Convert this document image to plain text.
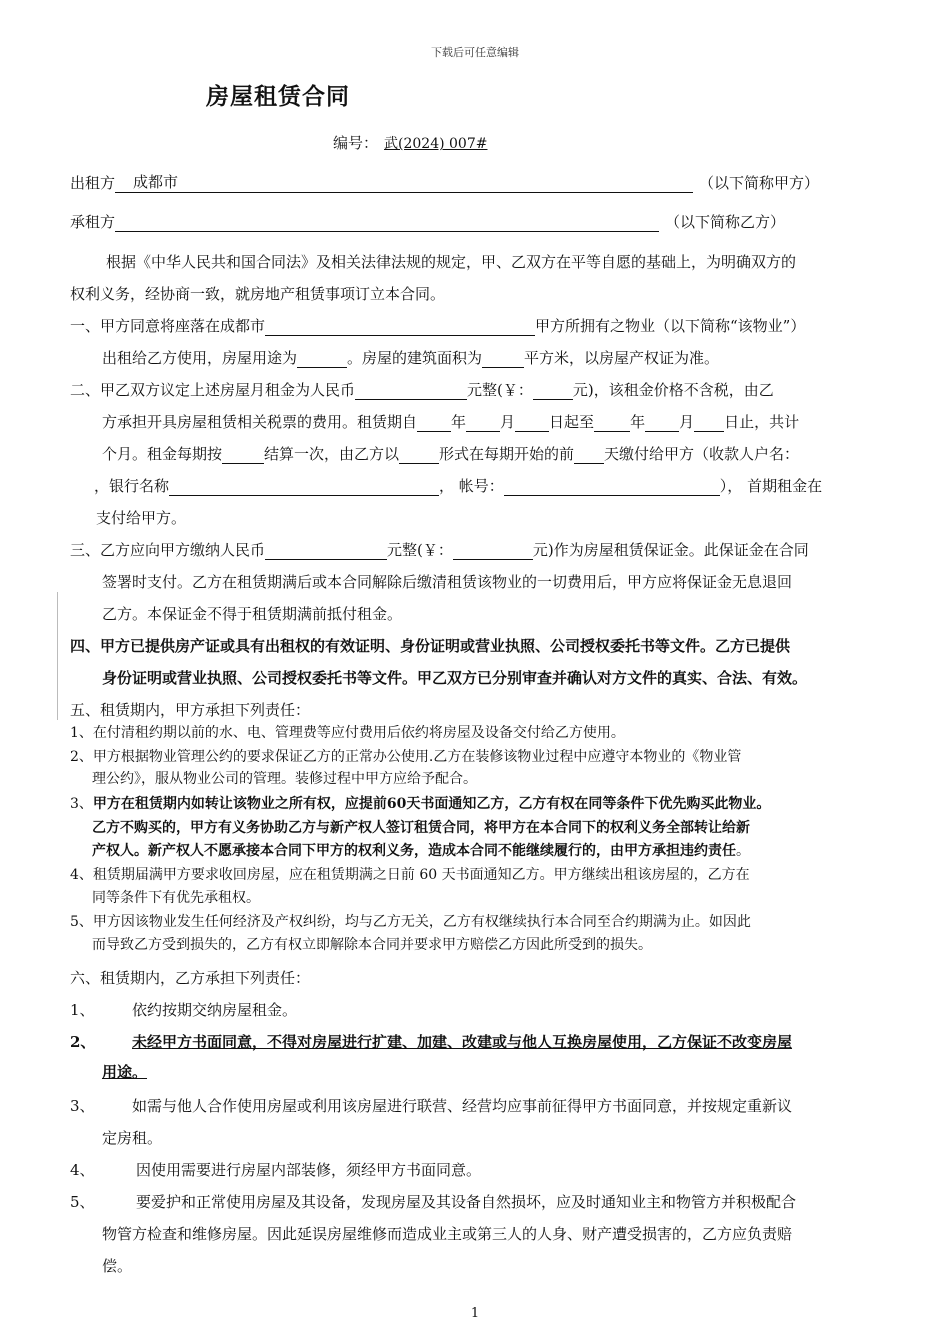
下载后可任意编辑
房屋租赁合同
编号： 武(2024) 007#
出租方 成都市	（以下简称甲方）
承租方	（以下简称乙方）
根据《中华人民共和国合同法》及相关法律法规的规定，甲、乙双方在平等自愿的基础上，为明确双方的
权利义务，经协商一致，就房地产租赁事项订立本合同。
一、甲方同意将座落在成都市	甲方所拥有之物业（以下简称“该物业”）
出租给乙方使用，房屋用途为	。房屋的建筑面积为	平方米，以房屋产权证为准。
二、甲乙双方议定上述房屋月租金为人民币	元整(￥：	元)，该租金价格不含税，由乙
方承担开具房屋租赁相关税票的费用。租赁期自 年 月 日起至 年 月 日止，共计
个月。租金每期按	结算一次，由乙方以	形式在每期开始的前 天缴付给甲方（收款人户名：
，银行名称	， 帐号：	）， 首期租金在
支付给甲方。
三、乙方应向甲方缴纳人民币	元整(￥：	元)作为房屋租赁保证金。此保证金在合同
签署时支付。乙方在租赁期满后或本合同解除后缴清租赁该物业的一切费用后，甲方应将保证金无息退回
乙方。本保证金不得于租赁期满前抵付租金。
四、甲方已提供房产证或具有出租权的有效证明、身份证明或营业执照、公司授权委托书等文件。乙方已提供
身份证明或营业执照、公司授权委托书等文件。甲乙双方已分别审查并确认对方文件的真实、合法、有效。
五、租赁期内，甲方承担下列责任：
1、在付清租约期以前的水、电、管理费等应付费用后依约将房屋及设备交付给乙方使用。
2、甲方根据物业管理公约的要求保证乙方的正常办公使用.乙方在装修该物业过程中应遵守本物业的《物业管
理公约》，服从物业公司的管理。装修过程中甲方应给予配合。
3、甲方在租赁期内如转让该物业之所有权，应提前60天书面通知乙方，乙方有权在同等条件下优先购买此物业。
乙方不购买的，甲方有义务协助乙方与新产权人签订租赁合同，将甲方在本合同下的权利义务全部转让给新
产权人。新产权人不愿承接本合同下甲方的权利义务，造成本合同不能继续履行的，由甲方承担违约责任。
4、租赁期届满甲方要求收回房屋，应在租赁期满之日前 60 天书面通知乙方。甲方继续出租该房屋的，乙方在
同等条件下有优先承租权。
5、甲方因该物业发生任何经济及产权纠纷，均与乙方无关，乙方有权继续执行本合同至合约期满为止。如因此
而导致乙方受到损失的，乙方有权立即解除本合同并要求甲方赔偿乙方因此所受到的损失。
六、租赁期内，乙方承担下列责任：
1、 依约按期交纳房屋租金。
2、 未经甲方书面同意，不得对房屋进行扩建、加建、改建或与他人互换房屋使用，乙方保证不改变房屋
用途。
3、 如需与他人合作使用房屋或利用该房屋进行联营、经营均应事前征得甲方书面同意，并按规定重新议
定房租。
4、	因使用需要进行房屋内部装修，须经甲方书面同意。
5、	要爱护和正常使用房屋及其设备，发现房屋及其设备自然损坏，应及时通知业主和物管方并积极配合
物管方检查和维修房屋。因此延误房屋维修而造成业主或第三人的人身、财产遭受损害的，乙方应负责赔
偿。
1
